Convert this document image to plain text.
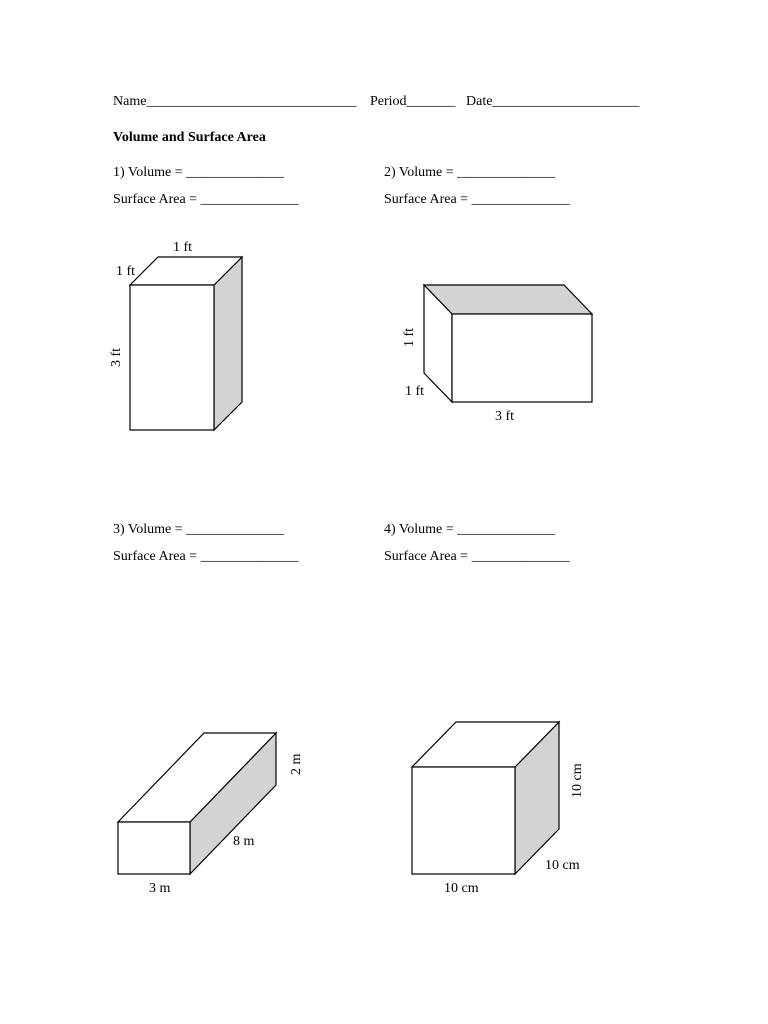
Name______________________________ Period_______ Date_____________________
Volume and Surface Area
1) Volume = ______________
Surface Area = ______________
2) Volume = ______________
Surface Area = ______________
3) Volume = ______________
Surface Area = ______________
4) Volume = ______________
Surface Area = ______________
1 ft
1 ft
3 ft
1 ft
1 ft
3 ft
2 m
8 m
3 m
10 cm
10 cm
10 cm
